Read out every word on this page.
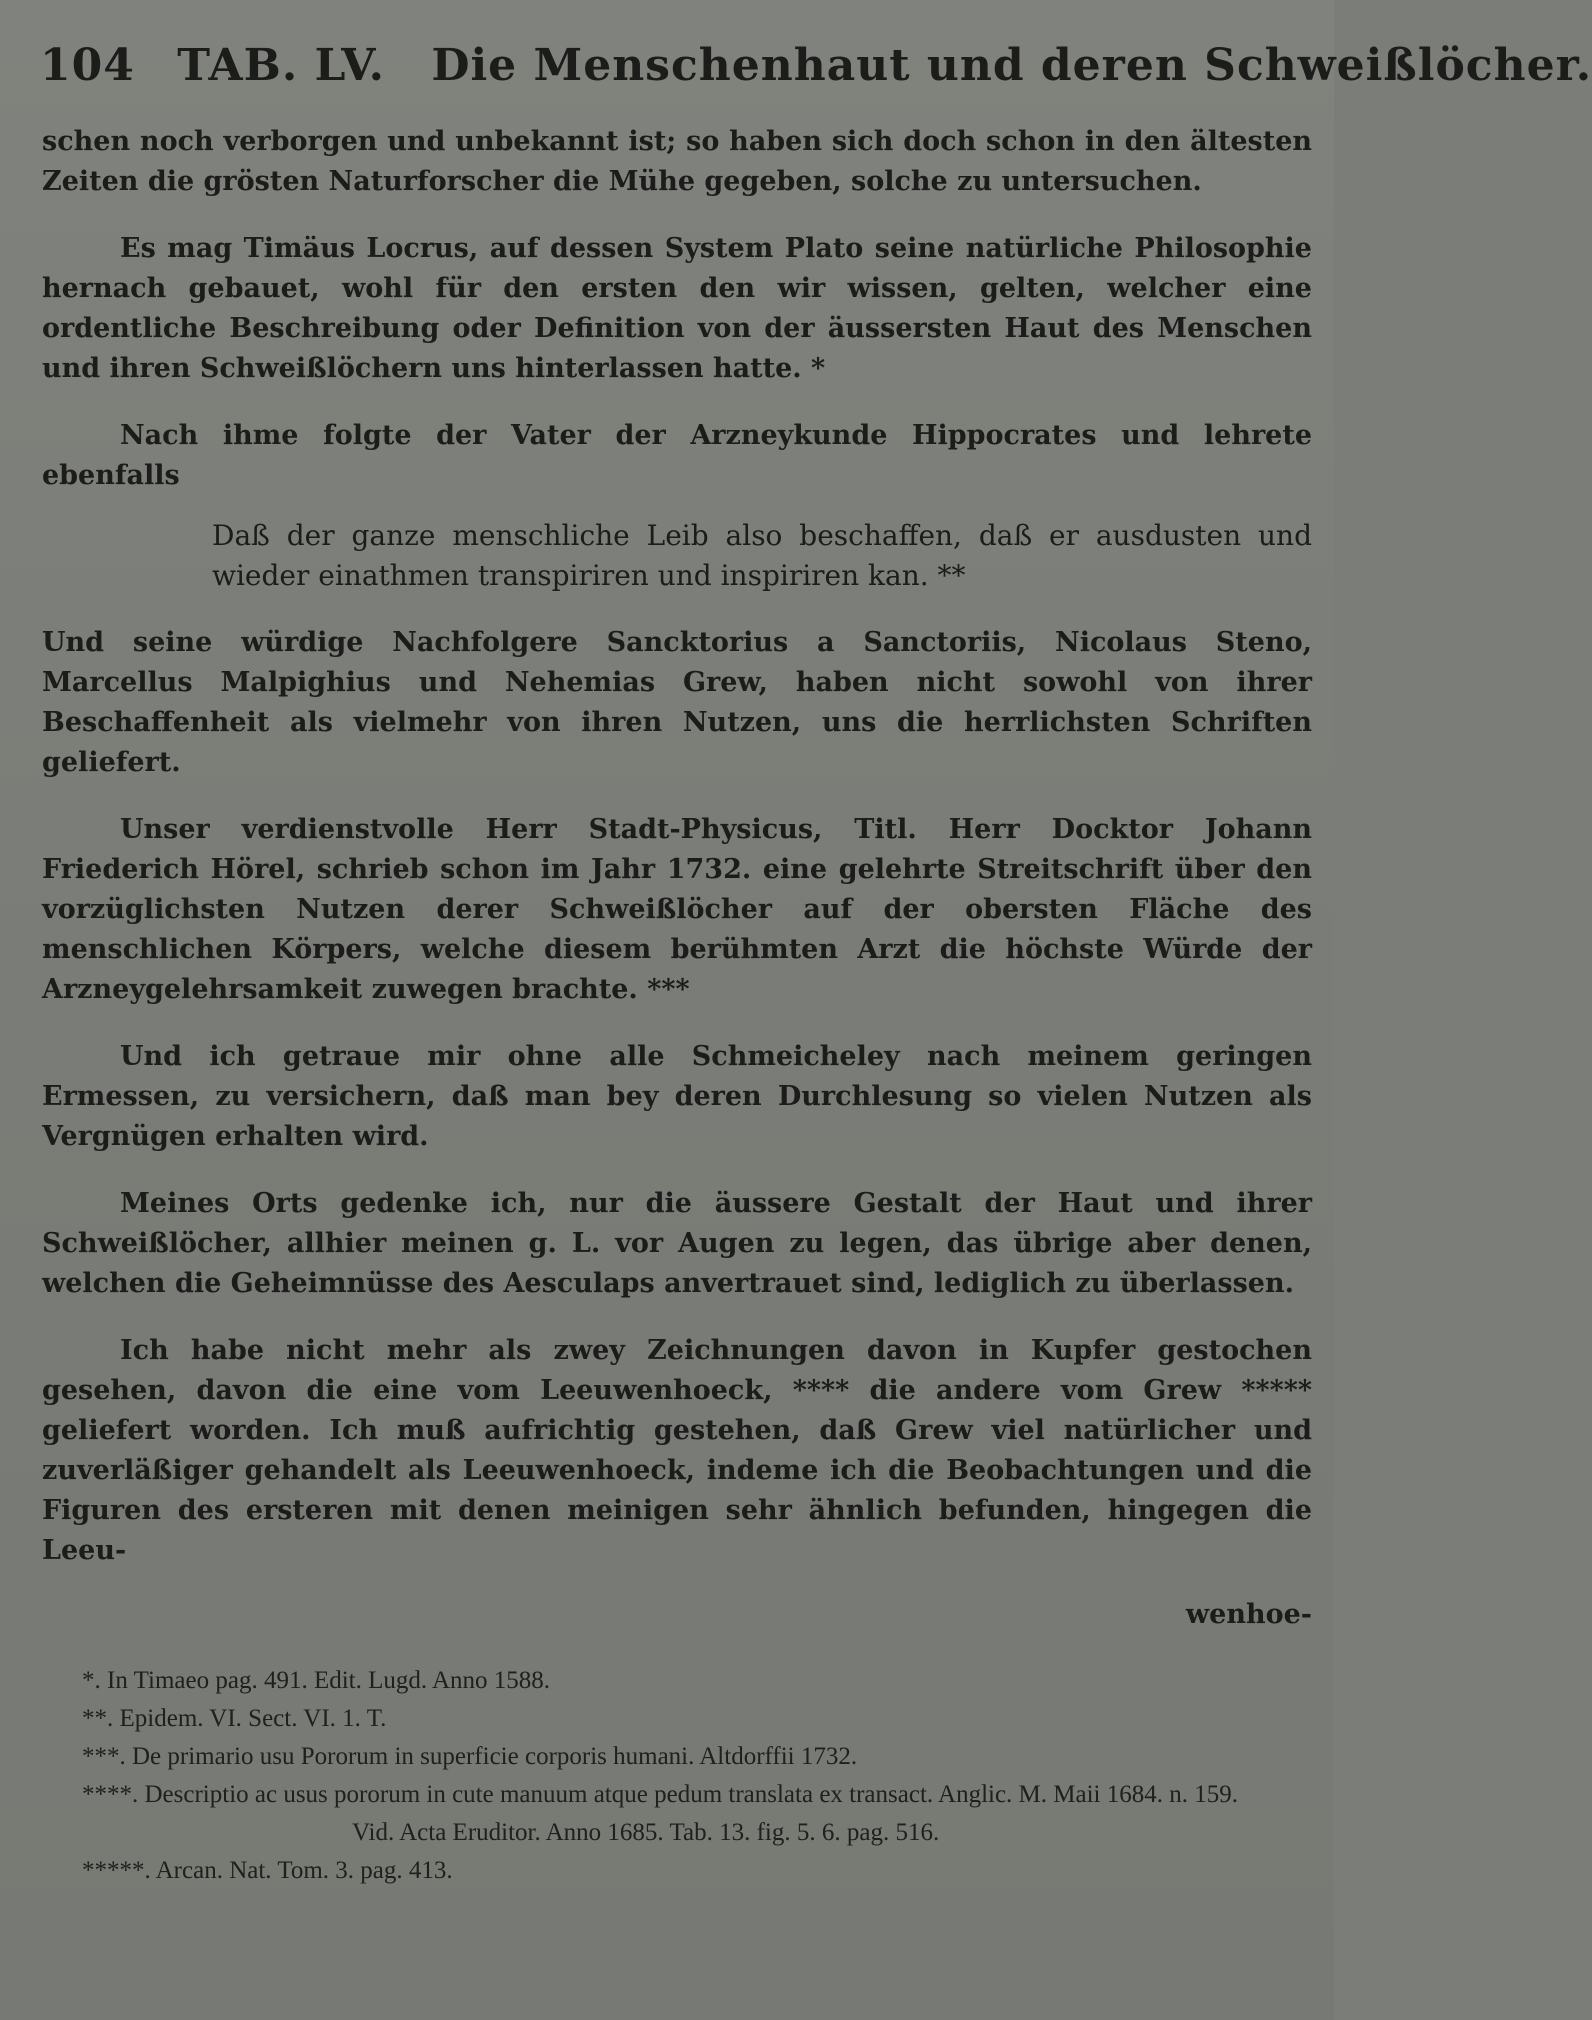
104 TAB. LV. Die Menschenhaut und deren Schweißlöcher.

schen noch verborgen und unbekannt ist; so haben sich doch schon in den ältesten Zeiten die grösten Naturforscher die Mühe gegeben, solche zu untersuchen.

Es mag Timäus Locrus, auf dessen System Plato seine natürliche Philosophie hernach gebauet, wohl für den ersten den wir wissen, gelten, welcher eine ordentliche Beschreibung oder Definition von der äussersten Haut des Menschen und ihren Schweißlöchern uns hinterlassen hatte. *

Nach ihme folgte der Vater der Arzneykunde Hippocrates und lehrete ebenfalls

Daß der ganze menschliche Leib also beschaffen, daß er ausdusten und wieder einathmen transpiriren und inspiriren kan. **

Und seine würdige Nachfolgere Sancktorius a Sanctoriis, Nicolaus Steno, Marcellus Malpighius und Nehemias Grew, haben nicht sowohl von ihrer Beschaffenheit als vielmehr von ihren Nutzen, uns die herrlichsten Schriften geliefert.

Unser verdienstvolle Herr Stadt-Physicus, Titl. Herr Docktor Johann Friederich Hörel, schrieb schon im Jahr 1732. eine gelehrte Streitschrift über den vorzüglichsten Nutzen derer Schweißlöcher auf der obersten Fläche des menschlichen Körpers, welche diesem berühmten Arzt die höchste Würde der Arzneygelehrsamkeit zuwegen brachte. ***

Und ich getraue mir ohne alle Schmeicheley nach meinem geringen Ermessen, zu versichern, daß man bey deren Durchlesung so vielen Nutzen als Vergnügen erhalten wird.

Meines Orts gedenke ich, nur die äussere Gestalt der Haut und ihrer Schweißlöcher, allhier meinen g. L. vor Augen zu legen, das übrige aber denen, welchen die Geheimnüsse des Aesculaps anvertrauet sind, lediglich zu überlassen.

Ich habe nicht mehr als zwey Zeichnungen davon in Kupfer gestochen gesehen, davon die eine vom Leeuwenhoeck, **** die andere vom Grew ***** geliefert worden. Ich muß aufrichtig gestehen, daß Grew viel natürlicher und zuverläßiger gehandelt als Leeuwenhoeck, indeme ich die Beobachtungen und die Figuren des ersteren mit denen meinigen sehr ähnlich befunden, hingegen die Leeu-

wenhoe-

*. In Timaeo pag. 491. Edit. Lugd. Anno 1588.
**. Epidem. VI. Sect. VI. 1. T.
***. De primario usu Pororum in superficie corporis humani. Altdorffii 1732.
****. Descriptio ac usus pororum in cute manuum atque pedum translata ex transact. Anglic. M. Maii 1684. n. 159.
Vid. Acta Eruditor. Anno 1685. Tab. 13. fig. 5. 6. pag. 516.
*****. Arcan. Nat. Tom. 3. pag. 413.
